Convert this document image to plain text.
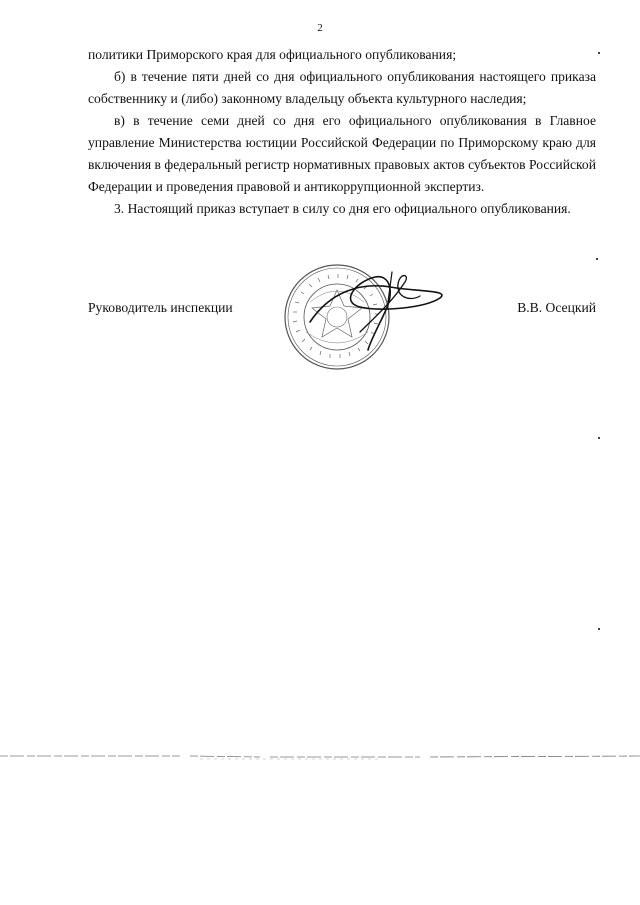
2

политики Приморского края для официального опубликования;

б) в течение пяти дней со дня официального опубликования настоящего приказа собственнику и (либо) законному владельцу объекта культурного наследия;

в) в течение семи дней со дня его официального опубликования в Главное управление Министерства юстиции Российской Федерации по Приморскому краю для включения в федеральный регистр нормативных правовых актов субъектов Российской Федерации и проведения правовой и антикоррупционной экспертиз.

3. Настоящий приказ вступает в силу со дня его официального опубликования.

Руководитель инспекции	В.В. Осецкий
